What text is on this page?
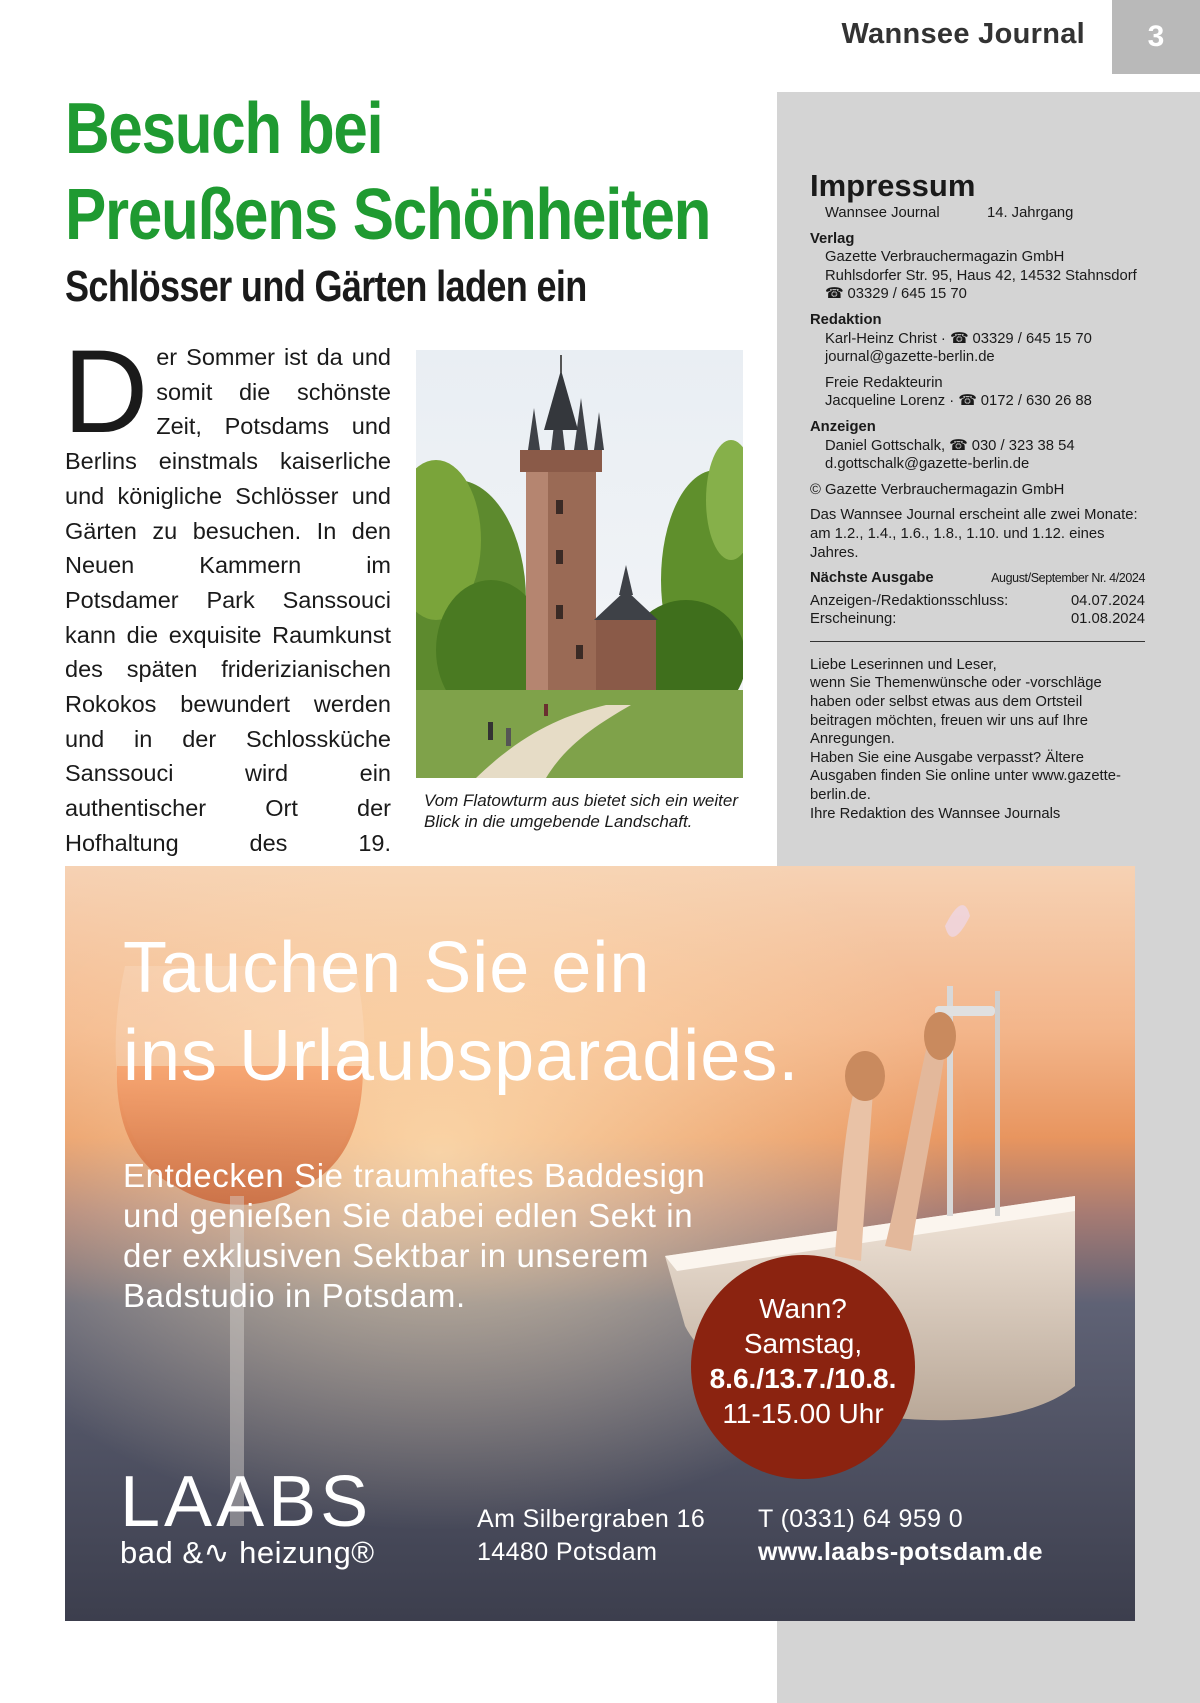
Wannsee Journal	3
Besuch bei
Preußens Schönheiten
Schlösser und Gärten laden ein
Der Sommer ist da und somit die schönste Zeit, Potsdams und Berlins einstmals kaiserliche und königliche Schlösser und Gärten zu besuchen. In den Neuen Kammern im Potsdamer Park Sanssouci kann die exquisite Raumkunst des späten friderizianischen Rokokos bewundert werden und in der Schlossküche Sanssouci wird ein authentischer Ort der Hofhaltung des 19.
Vom Flatowturm aus bietet sich ein weiter Blick in die umgebende Landschaft.
Impressum
Wannsee Journal	14. Jahrgang
Verlag
Gazette Verbrauchermagazin GmbH
Ruhlsdorfer Str. 95, Haus 42, 14532 Stahnsdorf
☎ 03329 / 645 15 70
Redaktion
Karl-Heinz Christ · ☎ 03329 / 645 15 70
journal@gazette-berlin.de
Freie Redakteurin
Jacqueline Lorenz · ☎ 0172 / 630 26 88
Anzeigen
Daniel Gottschalk, ☎ 030 / 323 38 54
d.gottschalk@gazette-berlin.de
© Gazette Verbrauchermagazin GmbH
Das Wannsee Journal erscheint alle zwei Monate: am 1.2., 1.4., 1.6., 1.8., 1.10. und 1.12. eines Jahres.
Nächste Ausgabe	August/September Nr. 4/2024
Anzeigen-/Redaktionsschluss:	04.07.2024
Erscheinung:	01.08.2024
Liebe Leserinnen und Leser,
wenn Sie Themenwünsche oder -vorschläge haben oder selbst etwas aus dem Ortsteil beitragen möchten, freuen wir uns auf Ihre Anregungen.
Haben Sie eine Ausgabe verpasst? Ältere Ausgaben finden Sie online unter www.gazette-berlin.de.
Ihre Redaktion des Wannsee Journals
Tauchen Sie ein
ins Urlaubsparadies.
Entdecken Sie traumhaftes Baddesign
und genießen Sie dabei edlen Sekt in
der exklusiven Sektbar in unserem
Badstudio in Potsdam.	Wann?
Samstag,
8.6./13.7./10.8.
11-15.00 Uhr
LAABS
bad &∿ heizung®
Am Silbergraben 16
14480 Potsdam
T (0331) 64 959 0
www.laabs-potsdam.de
